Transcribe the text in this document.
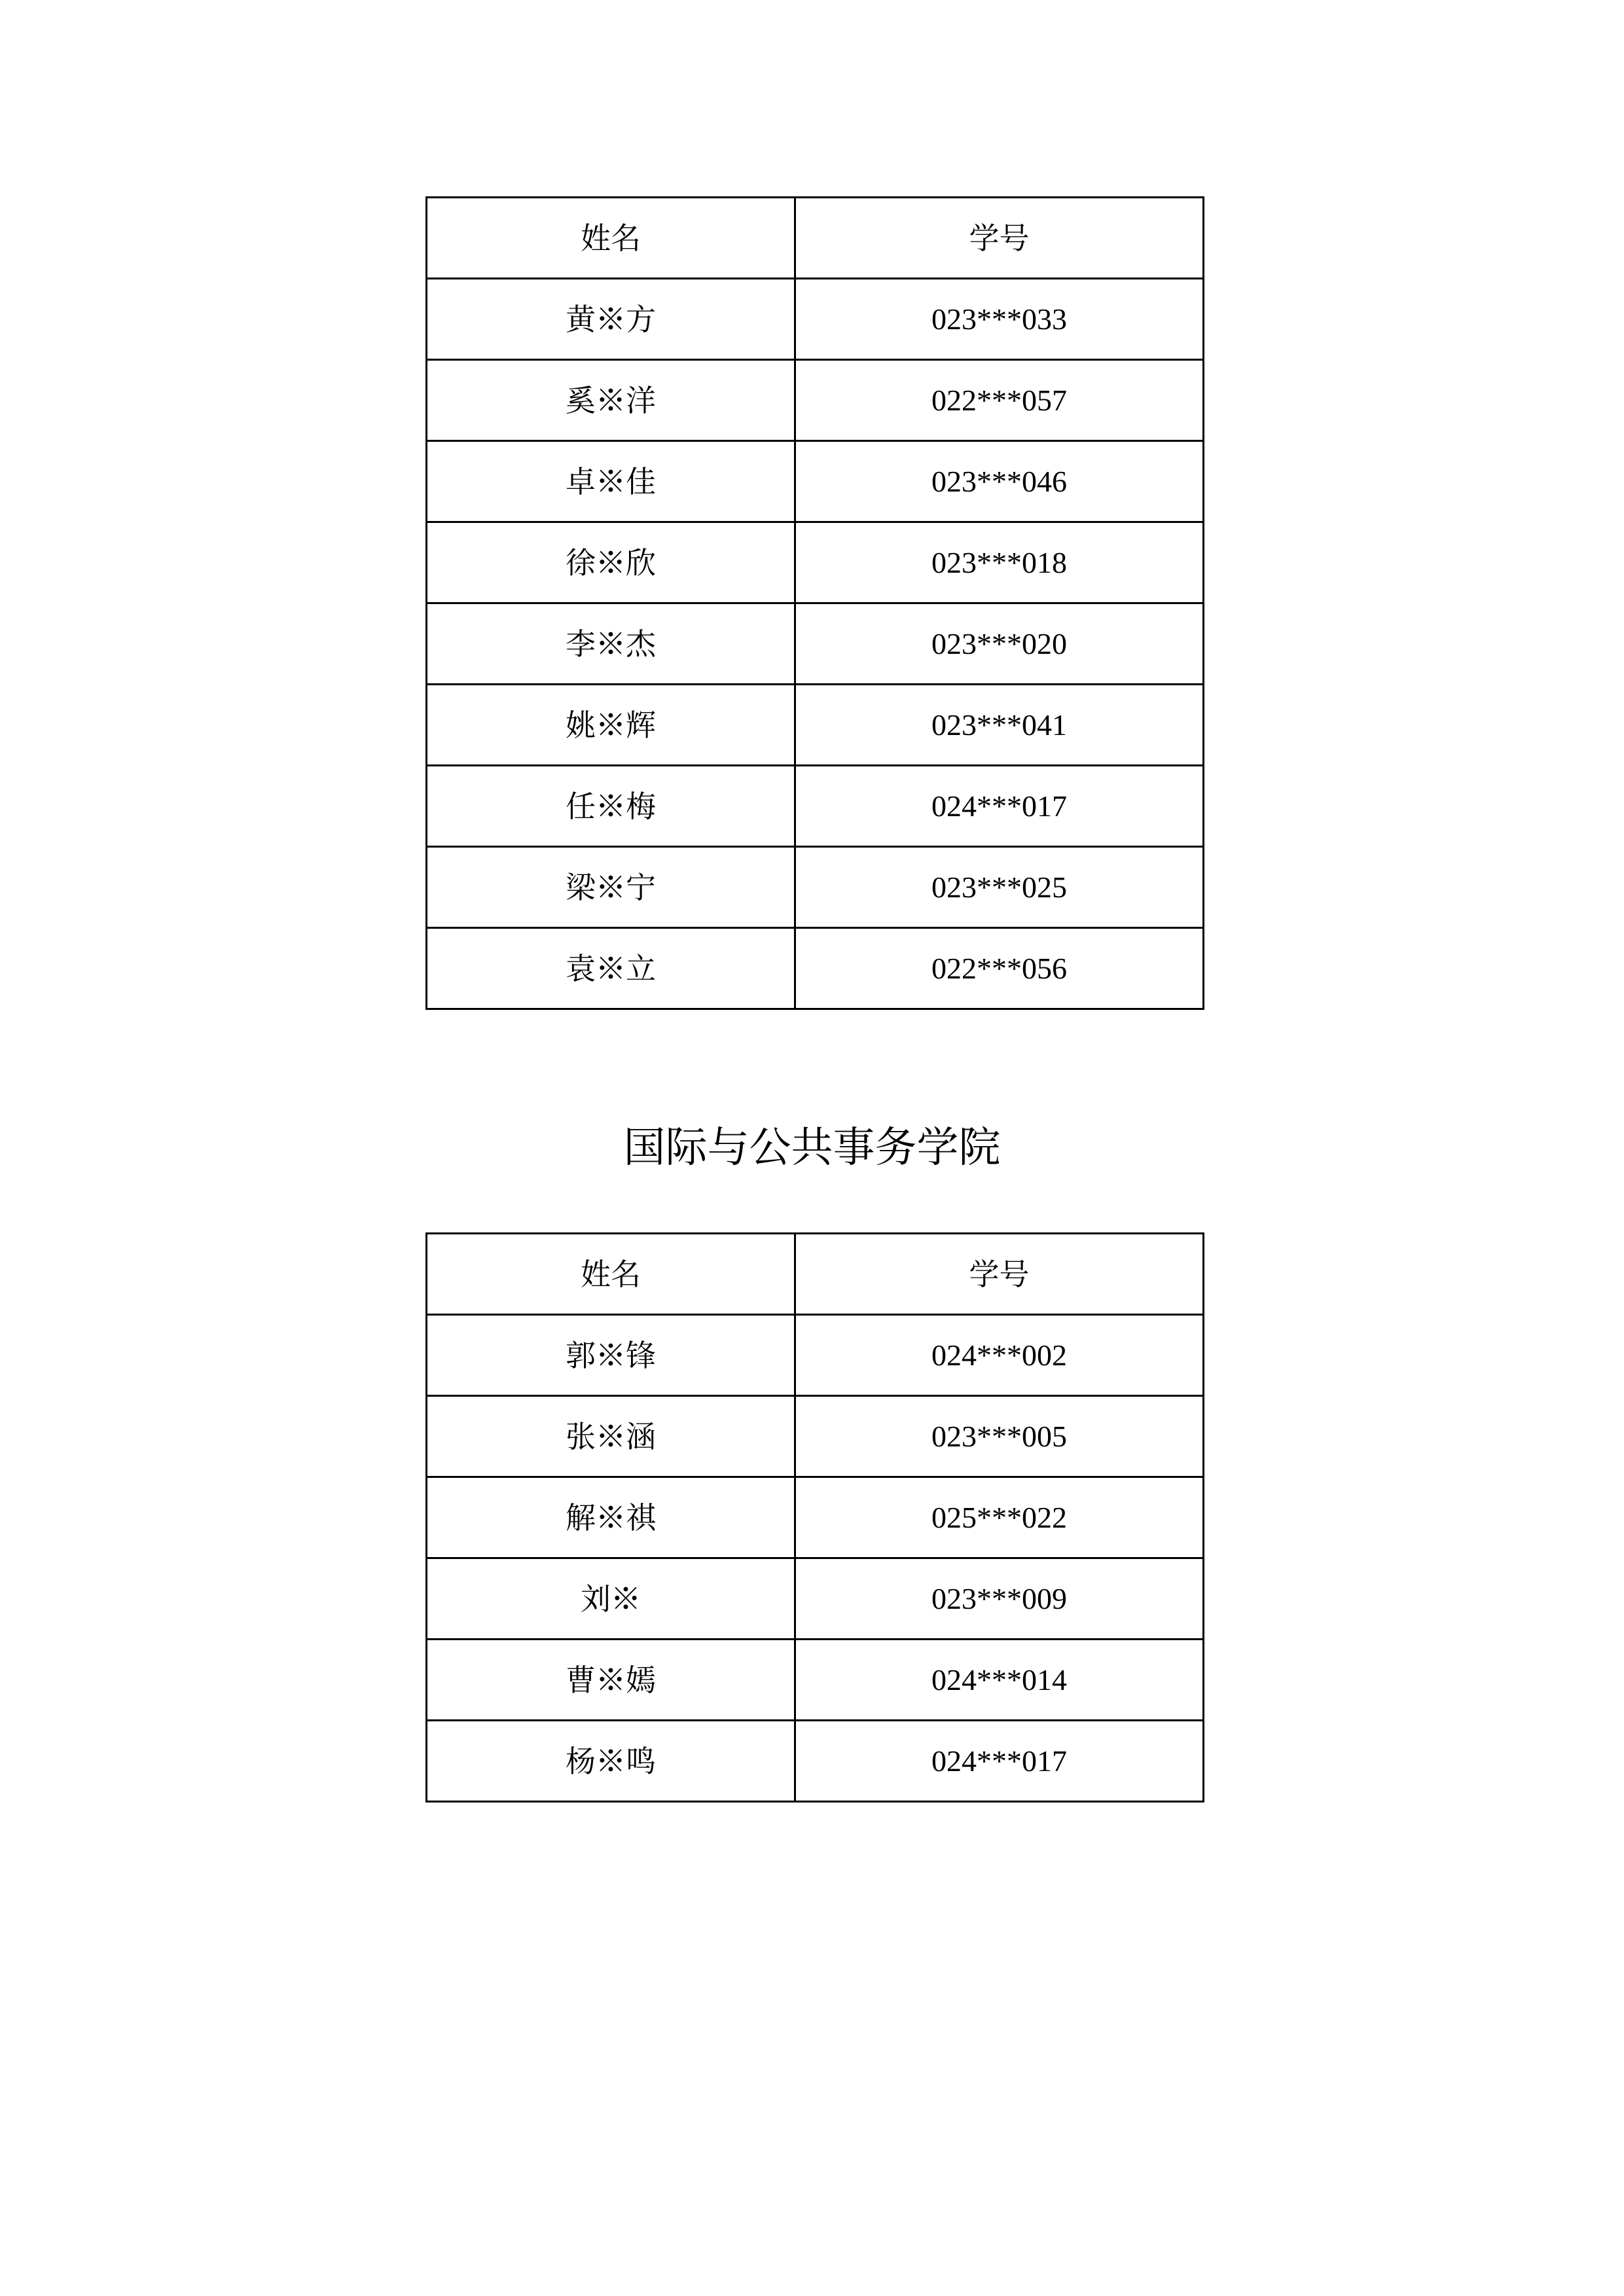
姓名	学号
黄※方	023***033
奚※洋	022***057
卓※佳	023***046
徐※欣	023***018
李※杰	023***020
姚※辉	023***041
任※梅	024***017
梁※宁	023***025
袁※立	022***056
国际与公共事务学院
姓名	学号
郭※锋	024***002
张※涵	023***005
解※祺	025***022
刘※	023***009
曹※嫣	024***014
杨※鸣	024***017
